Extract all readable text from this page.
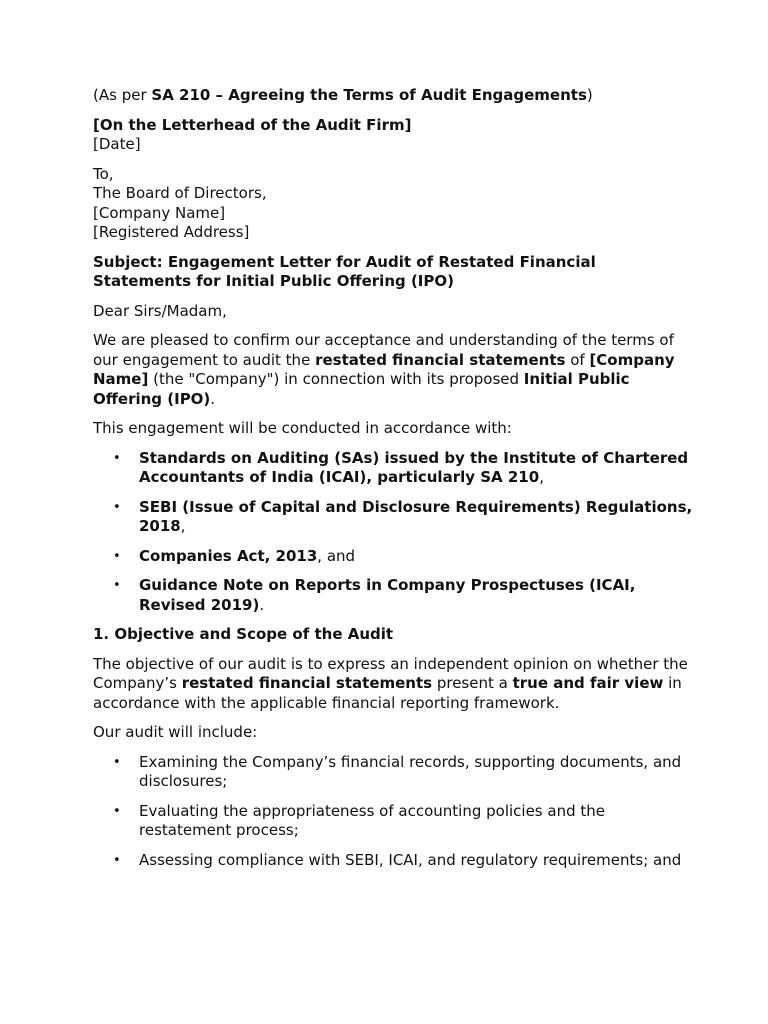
(As per SA 210 – Agreeing the Terms of Audit Engagements)

[On the Letterhead of the Audit Firm]
[Date]
To,
The Board of Directors,
[Company Name]
[Registered Address]

Subject: Engagement Letter for Audit of Restated Financial Statements for Initial Public Offering (IPO)

Dear Sirs/Madam,

We are pleased to confirm our acceptance and understanding of the terms of our engagement to audit the restated financial statements of [Company Name] (the "Company") in connection with its proposed Initial Public Offering (IPO).

This engagement will be conducted in accordance with:

• Standards on Auditing (SAs) issued by the Institute of Chartered Accountants of India (ICAI), particularly SA 210,
• SEBI (Issue of Capital and Disclosure Requirements) Regulations, 2018,
• Companies Act, 2013, and
• Guidance Note on Reports in Company Prospectuses (ICAI, Revised 2019).
1. Objective and Scope of the Audit

The objective of our audit is to express an independent opinion on whether the Company’s restated financial statements present a true and fair view in accordance with the applicable financial reporting framework.

Our audit will include:

• Examining the Company’s financial records, supporting documents, and disclosures;
• Evaluating the appropriateness of accounting policies and the restatement process;
• Assessing compliance with SEBI, ICAI, and regulatory requirements; and
